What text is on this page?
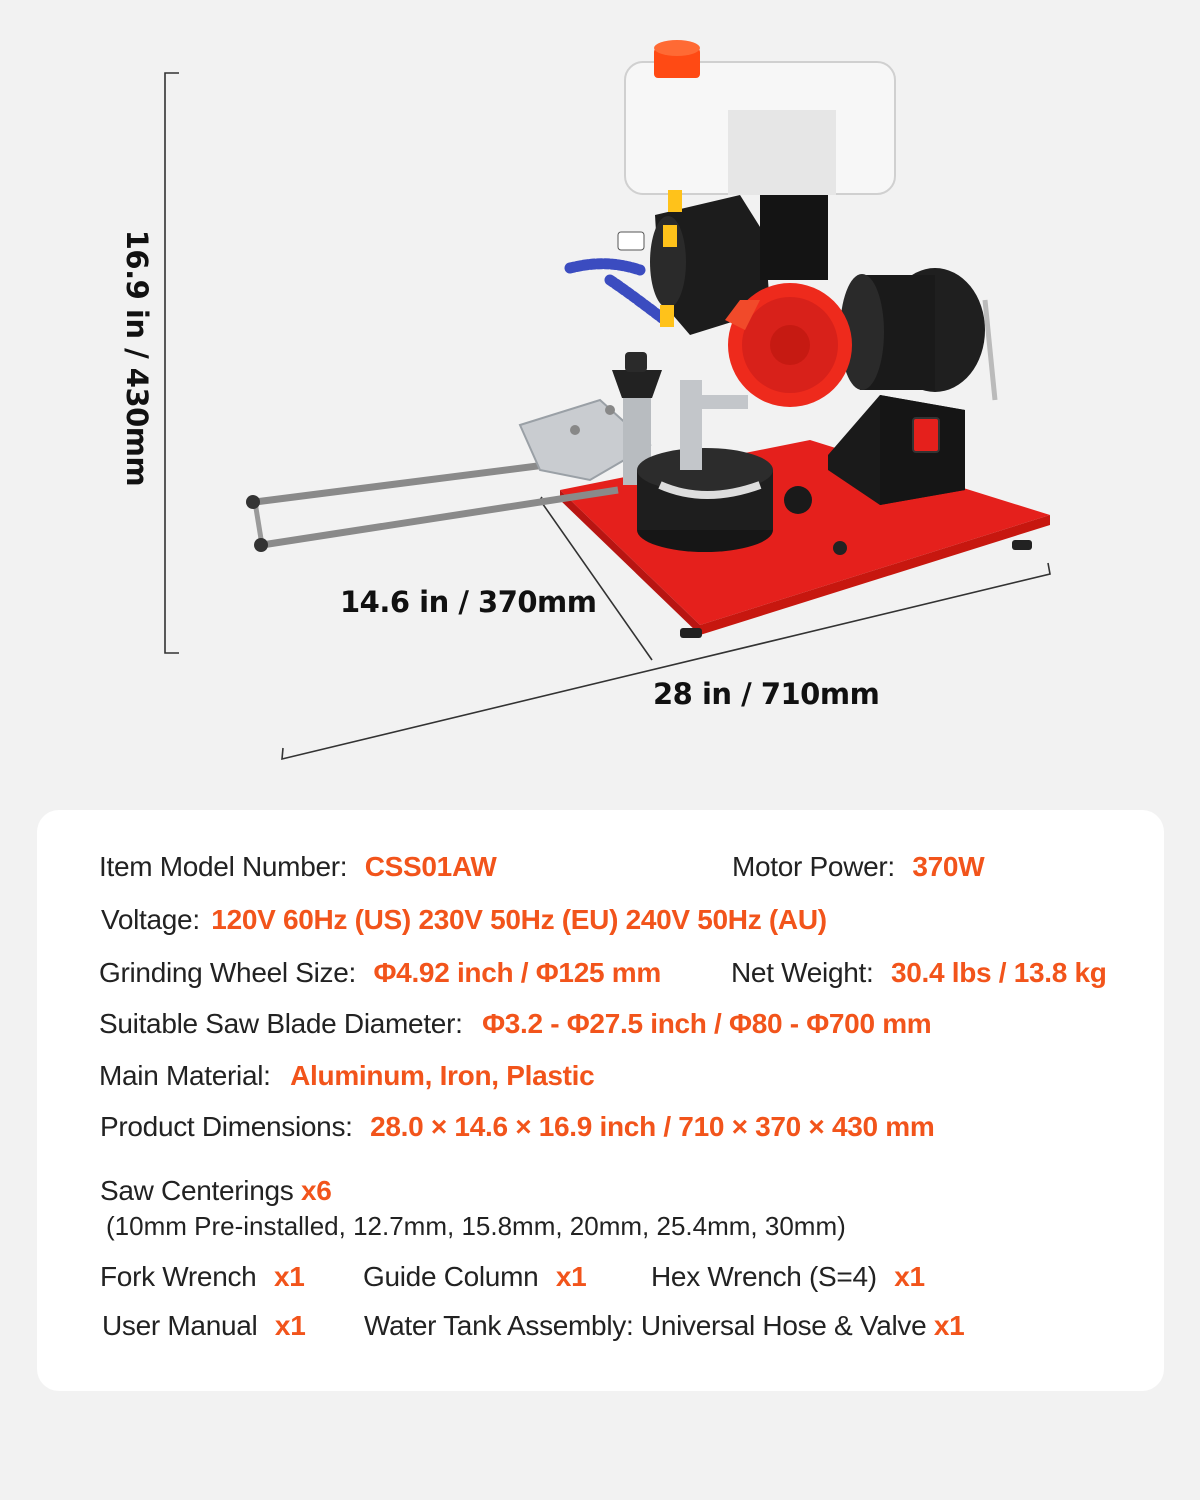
16.9 in / 430mm
14.6 in / 370mm
28 in / 710mm
Item Model Number: CSS01AW	Motor Power: 370W
Voltage: 120V 60Hz (US) 230V 50Hz (EU) 240V 50Hz (AU)
Grinding Wheel Size: Φ4.92 inch / Φ125 mm	Net Weight: 30.4 lbs / 13.8 kg
Suitable Saw Blade Diameter: Φ3.2 - Φ27.5 inch / Φ80 - Φ700 mm
Main Material: Aluminum, Iron, Plastic
Product Dimensions: 28.0 × 14.6 × 16.9 inch / 710 × 370 × 430 mm
Saw Centerings x6
(10mm Pre-installed, 12.7mm, 15.8mm, 20mm, 25.4mm, 30mm)
Fork Wrench x1 Guide Column x1 Hex Wrench (S=4) x1
User Manual x1 Water Tank Assembly: Universal Hose & Valve x1
